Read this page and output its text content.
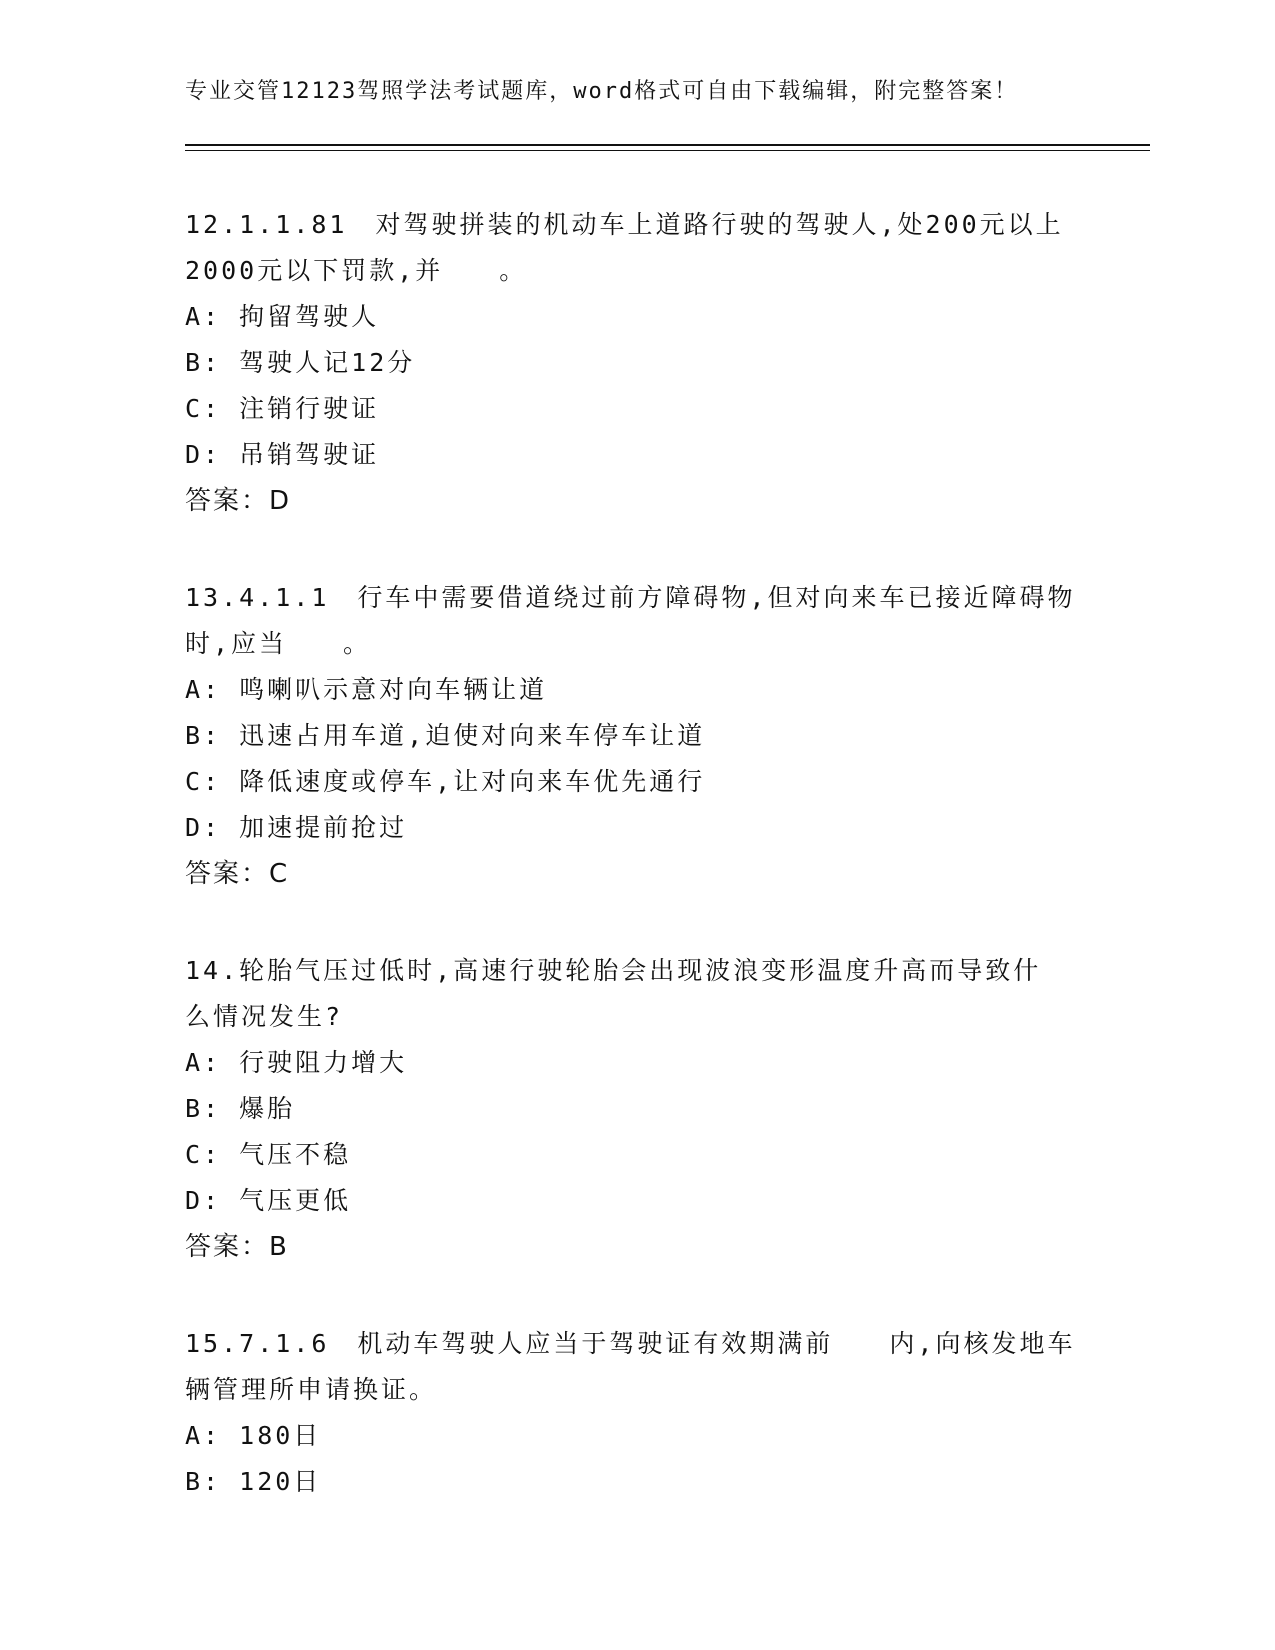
专业交管12123驾照学法考试题库，word格式可自由下载编辑，附完整答案！
12.1.1.81　对驾驶拼装的机动车上道路行驶的驾驶人,处200元以上
2000元以下罚款,并　　。
A: 拘留驾驶人
B: 驾驶人记12分
C: 注销行驶证
D: 吊销驾驶证
答案：D
13.4.1.1　行车中需要借道绕过前方障碍物,但对向来车已接近障碍物
时,应当　　。
A: 鸣喇叭示意对向车辆让道
B: 迅速占用车道,迫使对向来车停车让道
C: 降低速度或停车,让对向来车优先通行
D: 加速提前抢过
答案：C
14.轮胎气压过低时,高速行驶轮胎会出现波浪变形温度升高而导致什
么情况发生?
A: 行驶阻力增大
B: 爆胎
C: 气压不稳
D: 气压更低
答案：B
15.7.1.6　机动车驾驶人应当于驾驶证有效期满前　　内,向核发地车
辆管理所申请换证。
A: 180日
B: 120日
